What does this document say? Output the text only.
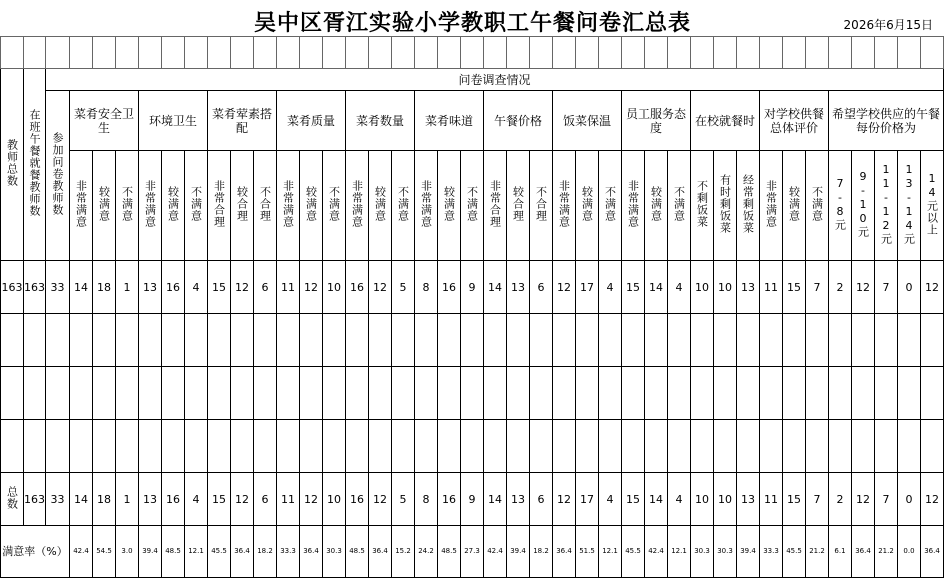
吴中区胥江实验小学教职工午餐问卷汇总表	2026年6月15日

教师总数	在班午餐就餐教师数	问卷调查情况																																						
		参加问卷教师数	菜肴安全卫生			环境卫生			菜肴荤素搭配			菜肴质量			菜肴数量			菜肴味道			午餐价格			饭菜保温			员工服务态度			在校就餐时			对学校供餐总体评价			希望学校供应的午餐每份价格为				
			非常满意	较满意	不满意	非常满意	较满意	不满意	非常合理	较合理	不合理	非常满意	较满意	不满意	非常满意	较满意	不满意	非常满意	较满意	不满意	非常合理	较合理	不合理	非常满意	较满意	不满意	非常满意	较满意	不满意	不剩饭菜	有时剩饭菜	经常剩饭菜	非常满意	较满意	不满意	7-8元	9-10元	11-12元	13-14元	14元以上
163	163	33	14	18	1	13	16	4	15	12	6	11	12	10	16	12	5	8	16	9	14	13	6	12	17	4	15	14	4	10	10	13	11	15	7	2	12	7	0	12

总数	163	33	14	18	1	13	16	4	15	12	6	11	12	10	16	12	5	8	16	9	14	13	6	12	17	4	15	14	4	10	10	13	11	15	7	2	12	7	0	12
满意率（%）			42.4	54.5	3.0	39.4	48.5	12.1	45.5	36.4	18.2	33.3	36.4	30.3	48.5	36.4	15.2	24.2	48.5	27.3	42.4	39.4	18.2	36.4	51.5	12.1	45.5	42.4	12.1	30.3	30.3	39.4	33.3	45.5	21.2	6.1	36.4	21.2	0.0	36.4
